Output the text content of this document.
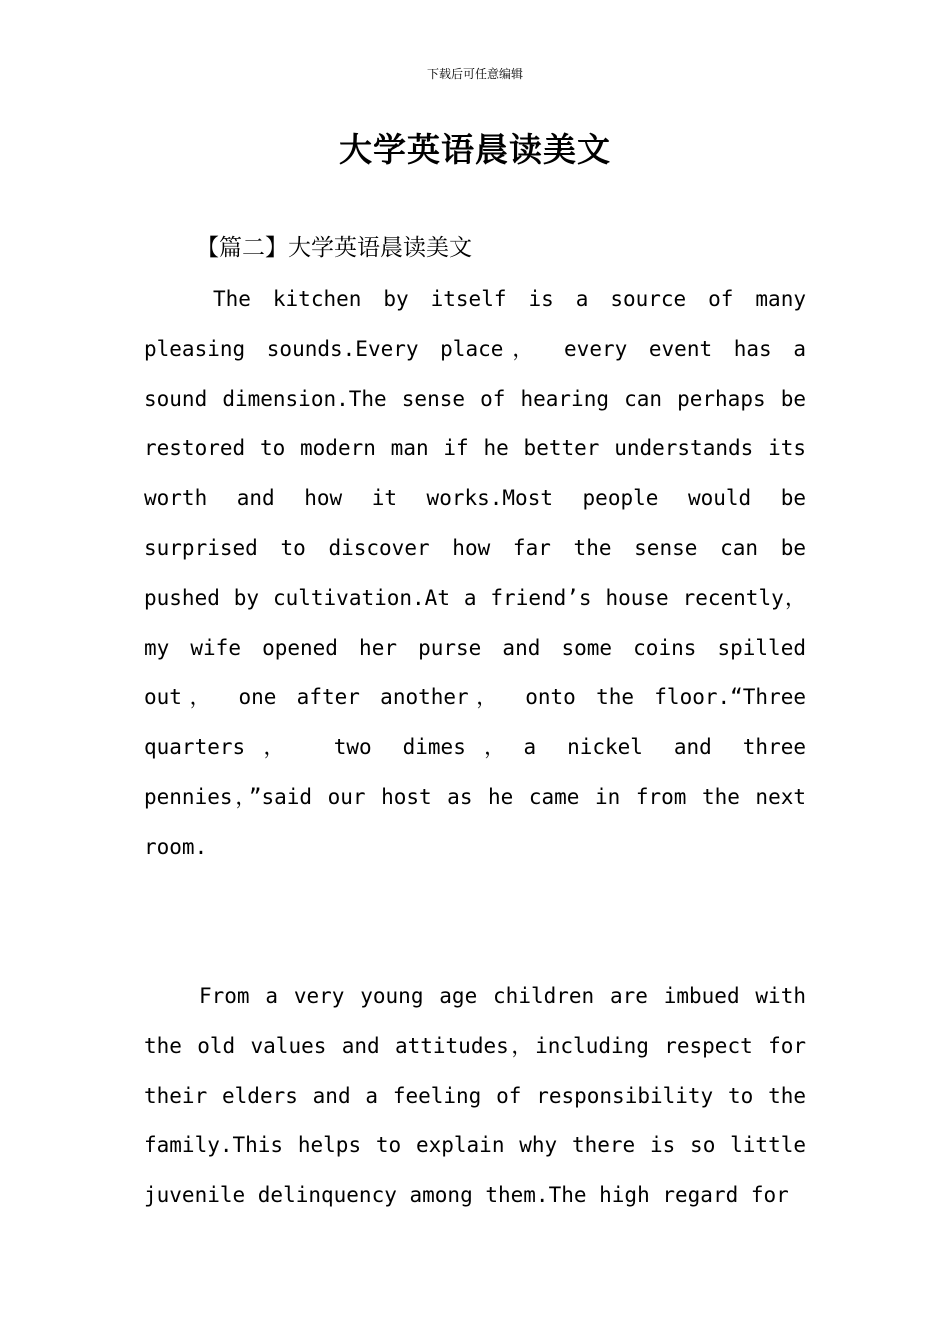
下载后可任意编辑
大学英语晨读美文
【篇二】大学英语晨读美文

The kitchen by itself is a source of many pleasing sounds.Every place， every event has a sound dimension.The sense of hearing can perhaps be restored to modern man if he better understands its worth and how it works.Most people would be surprised to discover how far the sense can be pushed by cultivation.At a friend’s house recently，my wife opened her purse and some coins spilled out， one after another， onto the floor.“Three quarters， two dimes，a nickel and three pennies，”said our host as he came in from the next room.

From a very young age children are imbued with the old values and attitudes，including respect for their elders and a feeling of responsibility to the family.This helps to explain why there is so little juvenile delinquency among them.The high regard for
